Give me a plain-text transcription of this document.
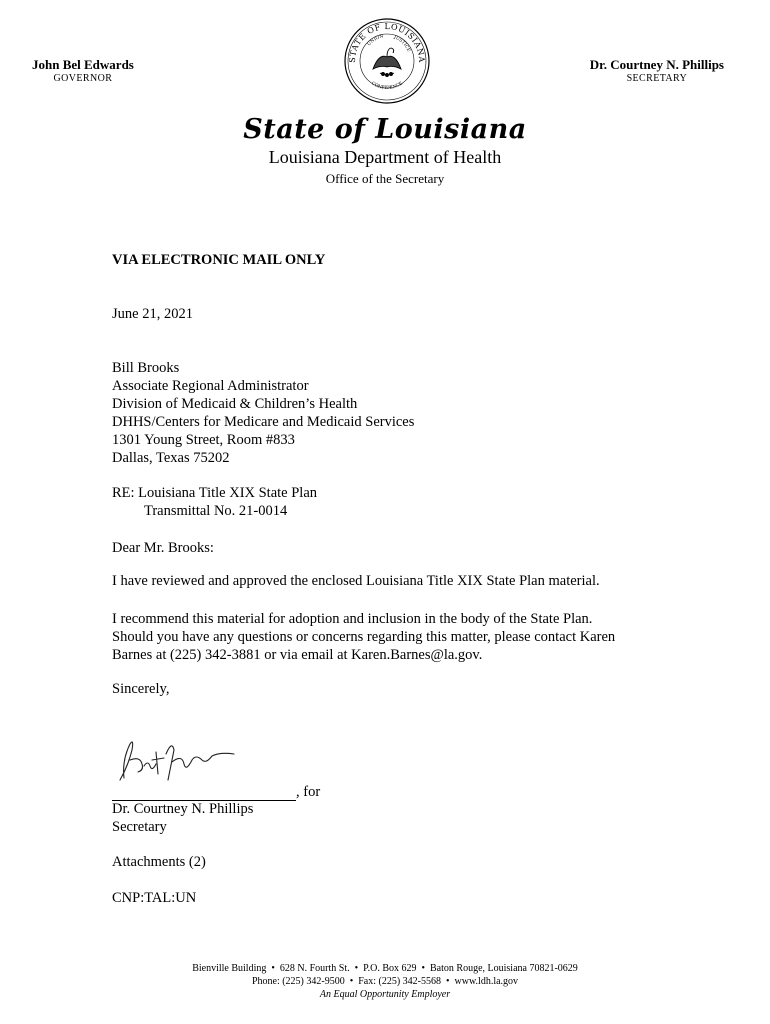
John Bel Edwards
GOVERNOR
STATE OF LOUISIANA
UNION JUSTICE
CONFIDENCE
Dr. Courtney N. Phillips
SECRETARY
State of Louisiana
Louisiana Department of Health
Office of the Secretary
VIA ELECTRONIC MAIL ONLY
June 21, 2021
Bill Brooks
Associate Regional Administrator
Division of Medicaid & Children’s Health
DHHS/Centers for Medicare and Medicaid Services
1301 Young Street, Room #833
Dallas, Texas 75202
RE: Louisiana Title XIX State Plan
Transmittal No. 21-0014
Dear Mr. Brooks:
I have reviewed and approved the enclosed Louisiana Title XIX State Plan material.
I recommend this material for adoption and inclusion in the body of the State Plan.
Should you have any questions or concerns regarding this matter, please contact Karen
Barnes at (225) 342-3881 or via email at Karen.Barnes@la.gov.
Sincerely,
, for
Dr. Courtney N. Phillips
Secretary
Attachments (2)
CNP:TAL:UN
Bienville Building • 628 N. Fourth St. • P.O. Box 629 • Baton Rouge, Louisiana 70821-0629
Phone: (225) 342-9500 • Fax: (225) 342-5568 • www.ldh.la.gov
An Equal Opportunity Employer
